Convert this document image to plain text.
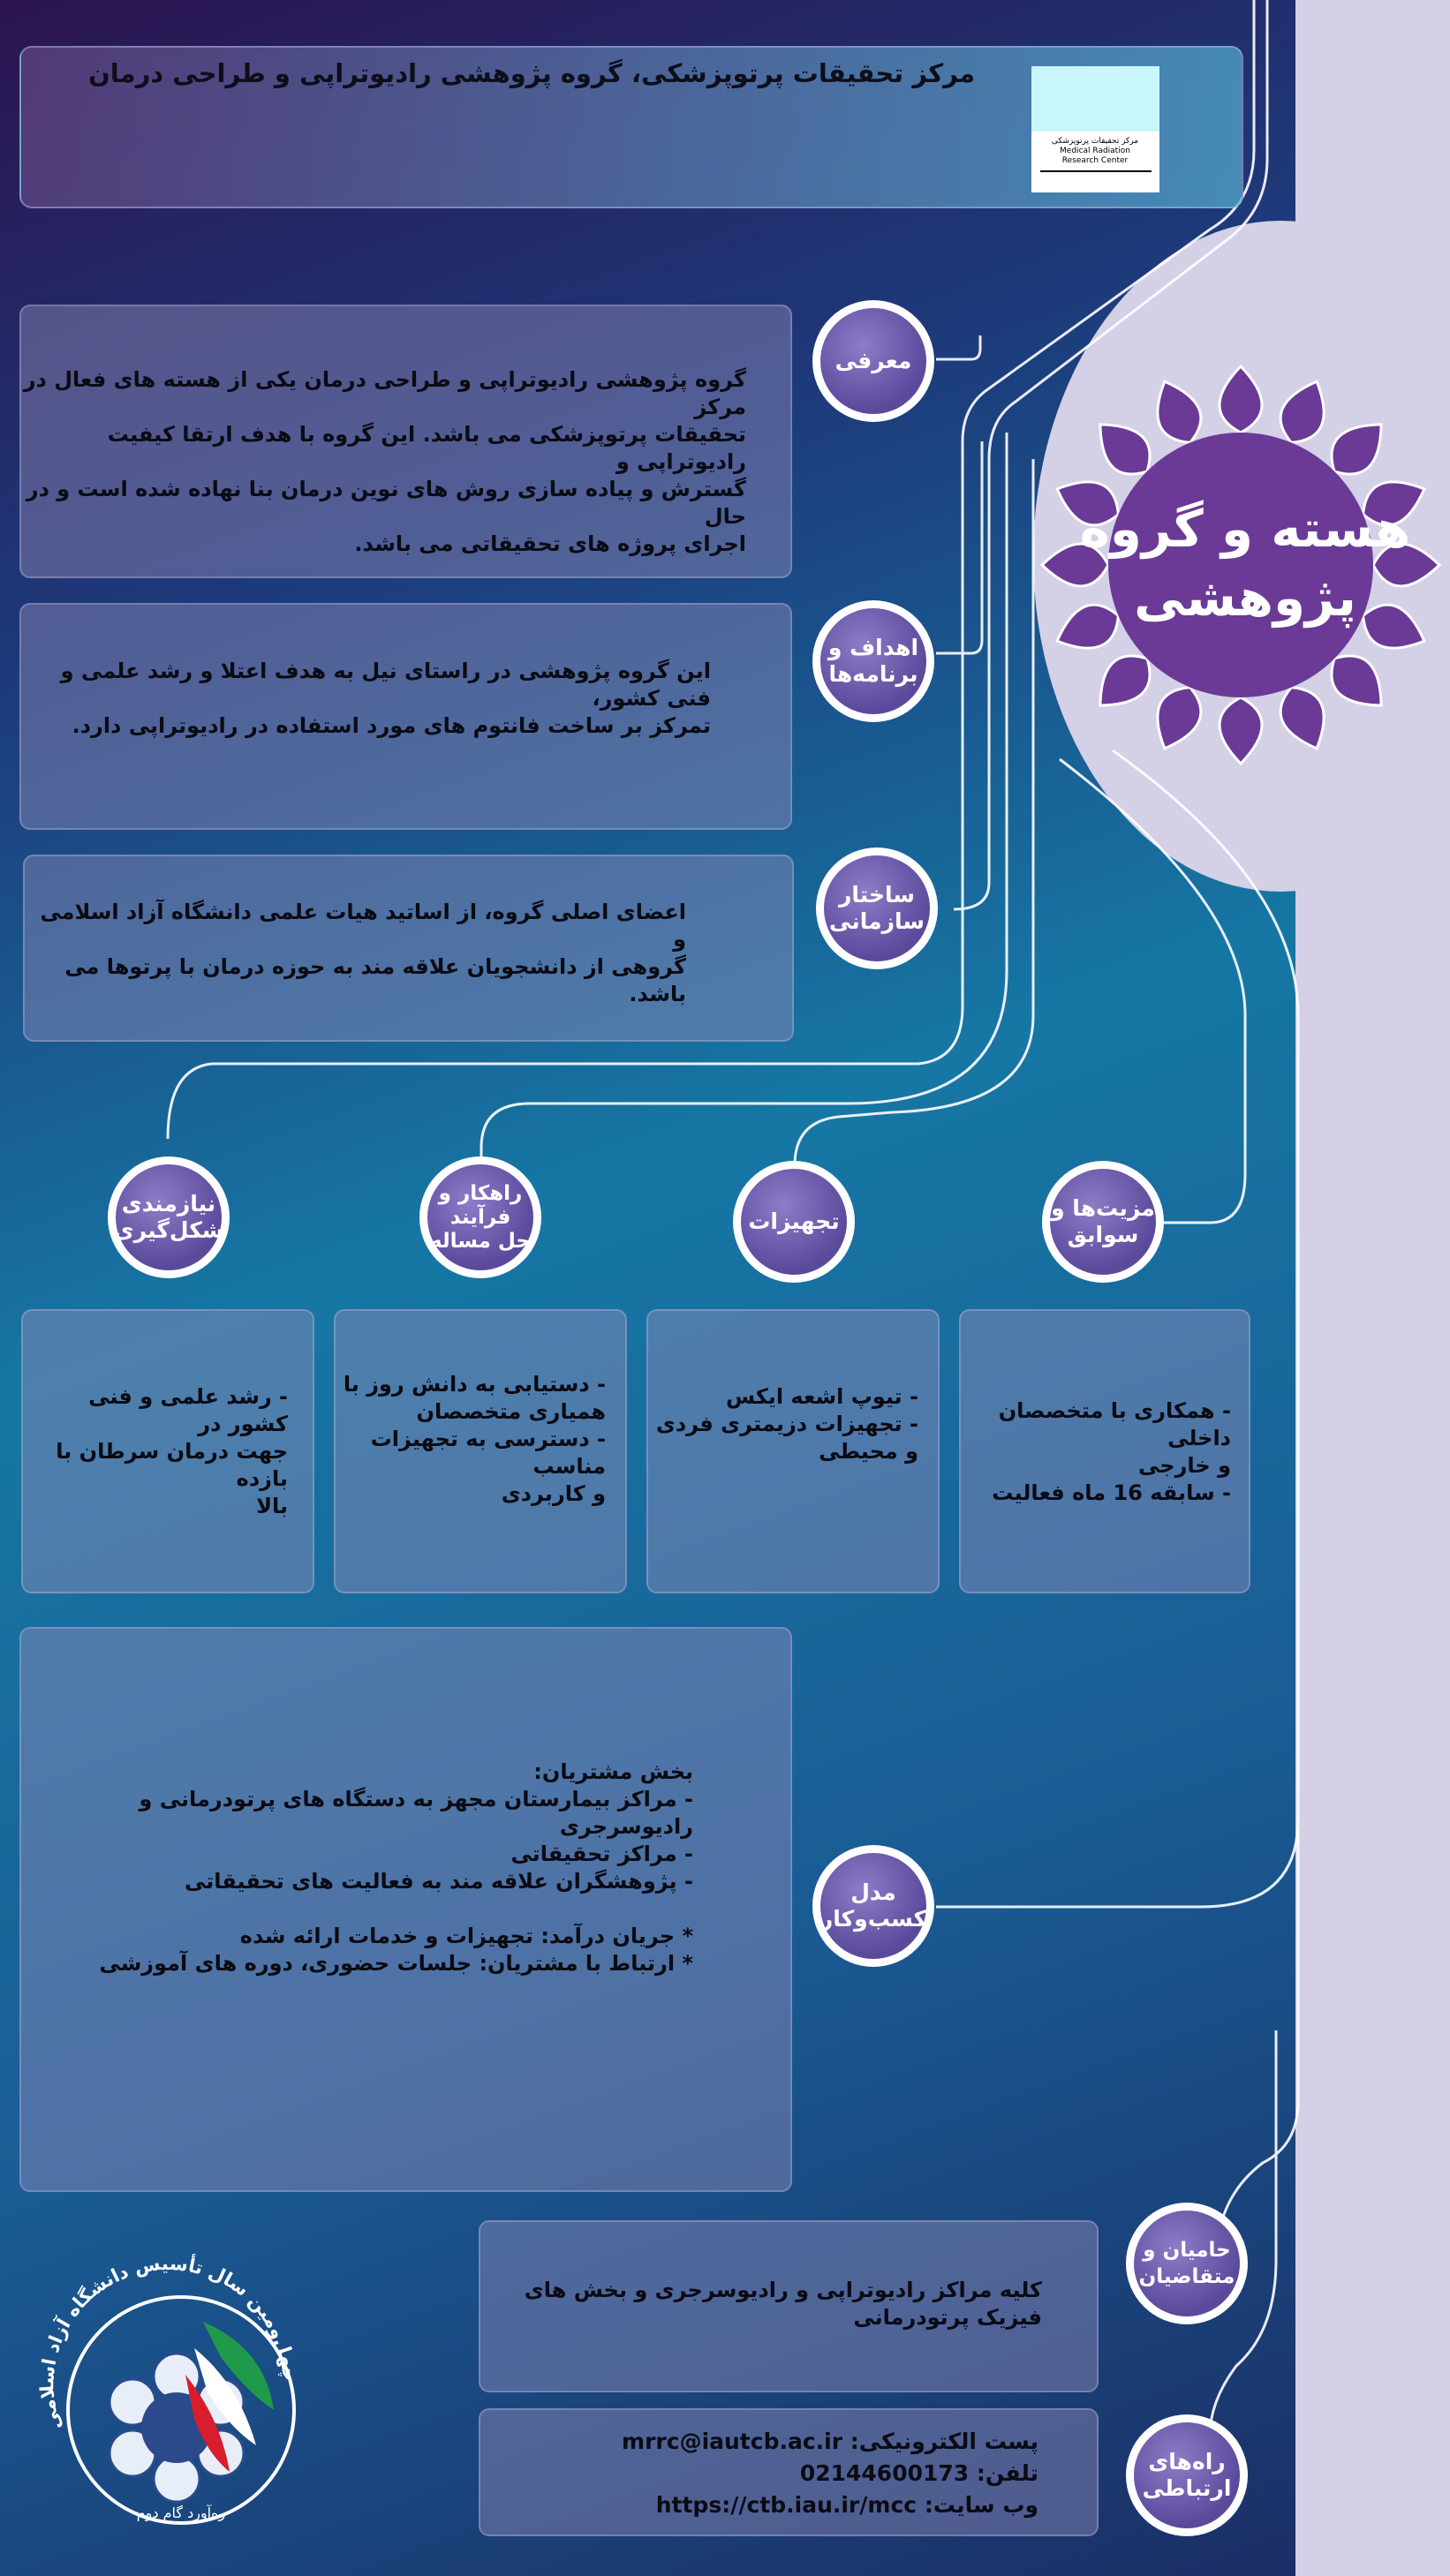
مرکز تحقیقات پرتوپزشکی، گروه پژوهشی رادیوتراپی و طراحی درمان
مرکز تحقیقات پرتوپزشکی
Medical Radiation
Research Center
هسته و گروه
پژوهشی
گروه پژوهشی رادیوتراپی و طراحی درمان یکی از هسته های فعال در مرکز
تحقیقات پرتوپزشکی می باشد. این گروه با هدف ارتقا کیفیت رادیوتراپی و
گسترش و پیاده سازی روش های نوین درمان بنا نهاده شده است و در حال
اجرای پروژه های تحقیقاتی می باشد.
معرفی
این گروه پژوهشی در راستای نیل به هدف اعتلا و رشد علمی و فنی کشور،
تمرکز بر ساخت فانتوم های مورد استفاده در رادیوتراپی دارد.
اهداف و
برنامه‌ها
اعضای اصلی گروه، از اساتید هیات علمی دانشگاه آزاد اسلامی و
گروهی از دانشجویان علاقه مند به حوزه درمان با پرتوها می باشد.
ساختار
سازمانی
مزیت‌ها و
سوابق
تجهیزات
راهکار و
فرآیند
حل مساله
نیازمندی
شکل‌گیری
- همکاری با متخصصان داخلی
و خارجی
- سابقه 16 ماه فعالیت
- تیوپ اشعه ایکس
- تجهیزات دزیمتری فردی
و محیطی
- دستیابی به دانش روز با
همیاری متخصصان
- دسترسی به تجهیزات مناسب
و کاربردی
- رشد علمی و فنی کشور در
جهت درمان سرطان با بازده
بالا
بخش مشتریان:
- مراکز بیمارستان مجهز به دستگاه های پرتودرمانی و رادیوسرجری
- مراکز تحقیقاتی
- پژوهشگران علاقه مند به فعالیت های تحقیقاتی

* جریان درآمد: تجهیزات و خدمات ارائه شده
* ارتباط با مشتریان: جلسات حضوری، دوره های آموزشی
مدل
کسب‌وکار
کلیه مراکز رادیوتراپی و رادیوسرجری و بخش های
فیزیک پرتودرمانی
حامیان و
متقاضیان
پست الکترونیکی: mrrc@iautcb.ac.ir
تلفن: 02144600173
وب سایت: https://ctb.iau.ir/mcc
راه‌های
ارتباطی
چهل‌ومین سال تأسیس دانشگاه آزاد اسلامی
ره‌آورد گام دوم
